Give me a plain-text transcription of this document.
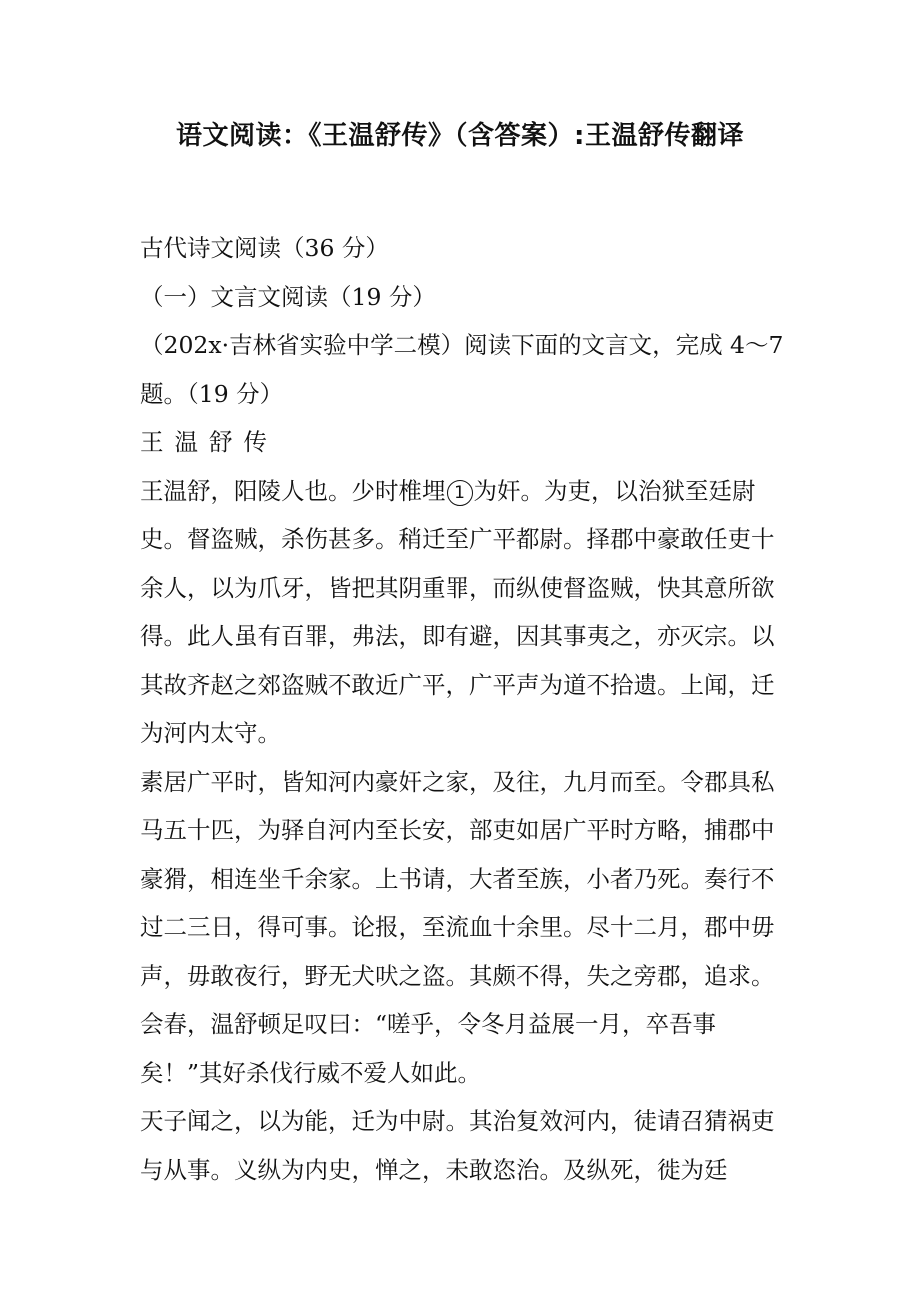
语文阅读：《王温舒传》（含答案）:王温舒传翻译

古代诗文阅读（36 分）

（一）文言文阅读（19 分）

（202x·吉林省实验中学二模）阅读下面的文言文，完成 4～7 题。（19 分）

王温舒传

王温舒，阳陵人也。少时椎埋 1 为奸。为吏，以治狱至廷尉史。督盗贼，杀伤甚多。稍迁至广平都尉。择郡中豪敢任吏十余人，以为爪牙，皆把其阴重罪，而纵使督盗贼，快其意所欲得。此人虽有百罪，弗法，即有避，因其事夷之，亦灭宗。以其故齐赵之郊盗贼不敢近广平，广平声为道不拾遗。上闻，迁为河内太守。

素居广平时，皆知河内豪奸之家，及往，九月而至。令郡具私马五十匹，为驿自河内至长安，部吏如居广平时方略，捕郡中豪猾，相连坐千余家。上书请，大者至族，小者乃死。奏行不过二三日，得可事。论报，至流血十余里。尽十二月，郡中毋声，毋敢夜行，野无犬吠之盗。其颇不得，失之旁郡，追求。会春，温舒顿足叹曰：“嗟乎，令冬月益展一月，卒吾事矣！”其好杀伐行威不爱人如此。

天子闻之，以为能，迁为中尉。其治复效河内，徒请召猜祸吏与从事。义纵为内史，惮之，未敢恣治。及纵死，徙为廷
